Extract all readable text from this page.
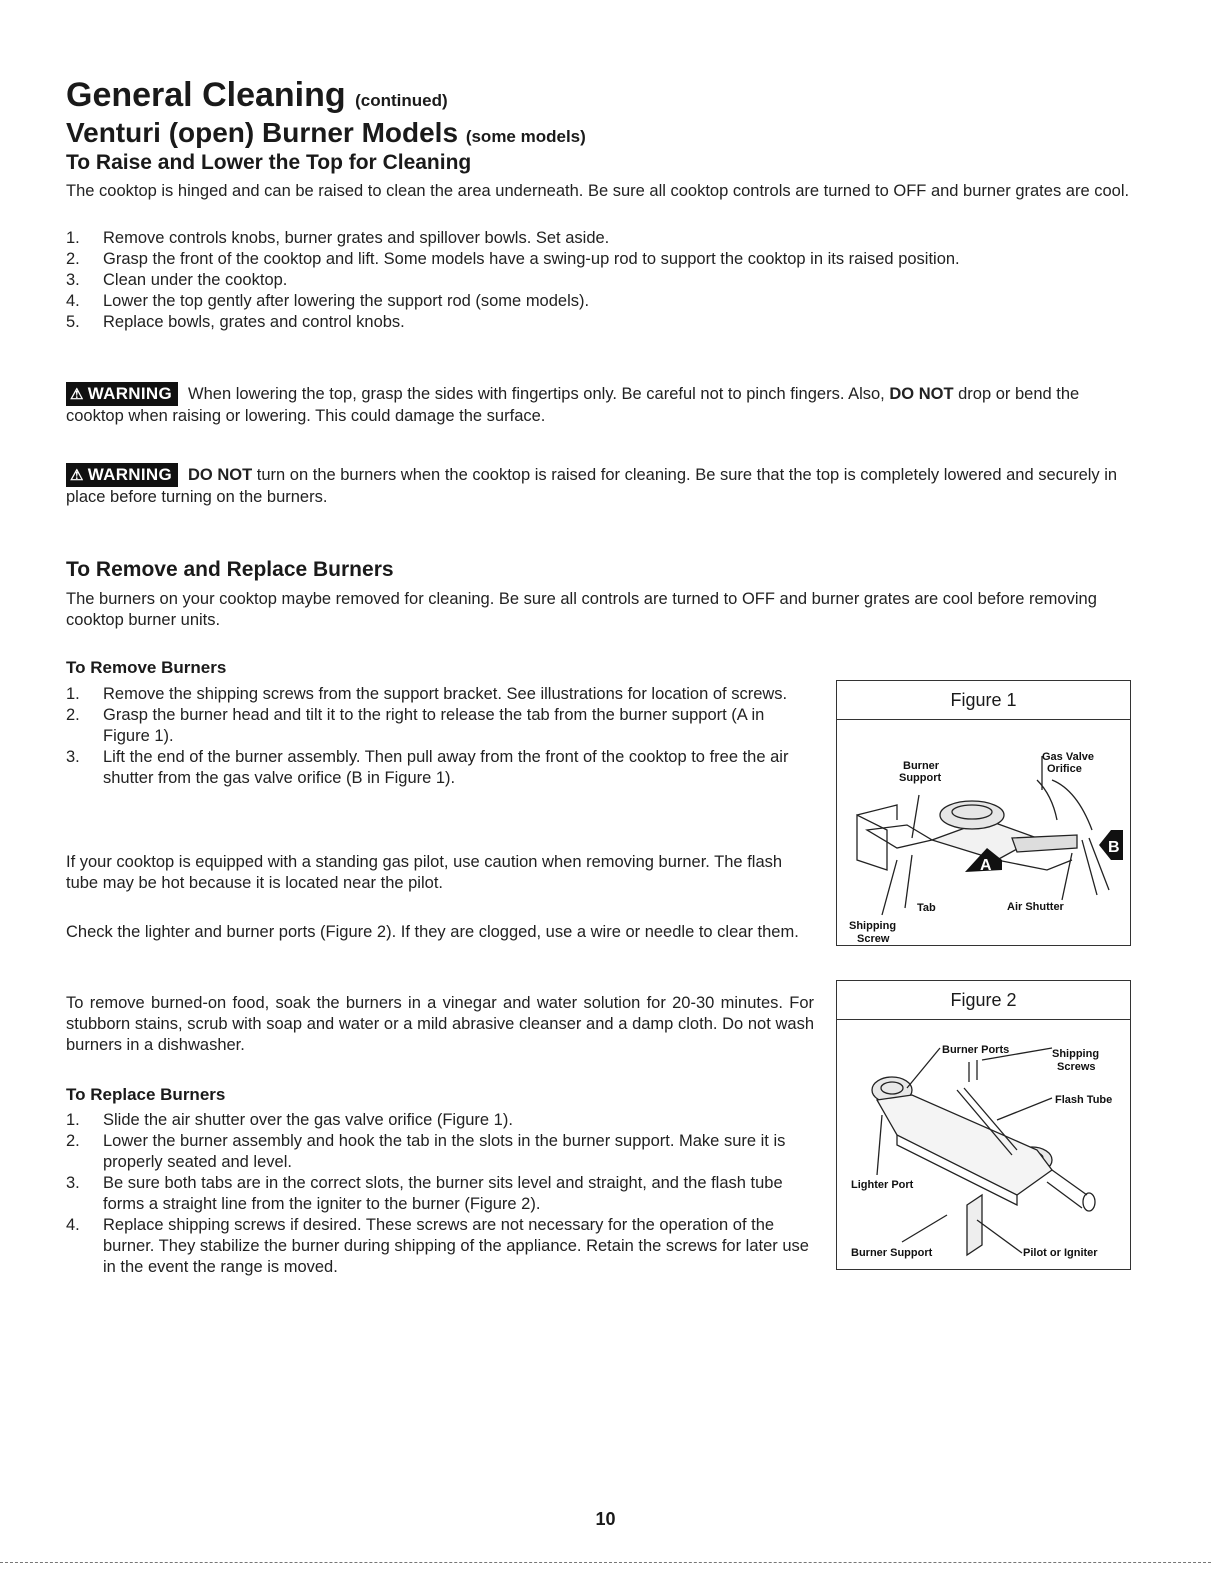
General Cleaning (continued)
Venturi (open) Burner Models (some models)
To Raise and Lower the Top for Cleaning
The cooktop is hinged and can be raised to clean the area underneath. Be sure all cooktop controls are turned to OFF and burner grates are cool.
1. Remove controls knobs, burner grates and spillover bowls. Set aside.
2. Grasp the front of the cooktop and lift. Some models have a swing-up rod to support the cooktop in its raised position.
3. Clean under the cooktop.
4. Lower the top gently after lowering the support rod (some models).
5. Replace bowls, grates and control knobs.
⚠ WARNING When lowering the top, grasp the sides with fingertips only. Be careful not to pinch fingers. Also, DO NOT drop or bend the cooktop when raising or lowering. This could damage the surface.
⚠ WARNING DO NOT turn on the burners when the cooktop is raised for cleaning. Be sure that the top is completely lowered and securely in place before turning on the burners.
To Remove and Replace Burners
The burners on your cooktop maybe removed for cleaning. Be sure all controls are turned to OFF and burner grates are cool before removing cooktop burner units.
To Remove Burners
1. Remove the shipping screws from the support bracket. See illustrations for location of screws.
2. Grasp the burner head and tilt it to the right to release the tab from the burner support (A in Figure 1).
3. Lift the end of the burner assembly. Then pull away from the front of the cooktop to free the air shutter from the gas valve orifice (B in Figure 1).
If your cooktop is equipped with a standing gas pilot, use caution when removing burner. The flash tube may be hot because it is located near the pilot.
Check the lighter and burner ports (Figure 2). If they are clogged, use a wire or needle to clear them.
To remove burned-on food, soak the burners in a vinegar and water solution for 20-30 minutes. For stubborn stains, scrub with soap and water or a mild abrasive cleanser and a damp cloth. Do not wash burners in a dishwasher.
To Replace Burners
1. Slide the air shutter over the gas valve orifice (Figure 1).
2. Lower the burner assembly and hook the tab in the slots in the burner support. Make sure it is properly seated and level.
3. Be sure both tabs are in the correct slots, the burner sits level and straight, and the flash tube forms a straight line from the igniter to the burner (Figure 2).
4. Replace shipping screws if desired. These screws are not necessary for the operation of the burner. They stabilize the burner during shipping of the appliance. Retain the screws for later use in the event the range is moved.
Figure 1
A
B
Burner
Support
Gas Valve
Orifice
Tab	Air Shutter
Shipping
Screw
Figure 2
Burner Ports	Shipping
Screws
Flash Tube
Lighter Port
Burner Support	Pilot or Igniter
10
